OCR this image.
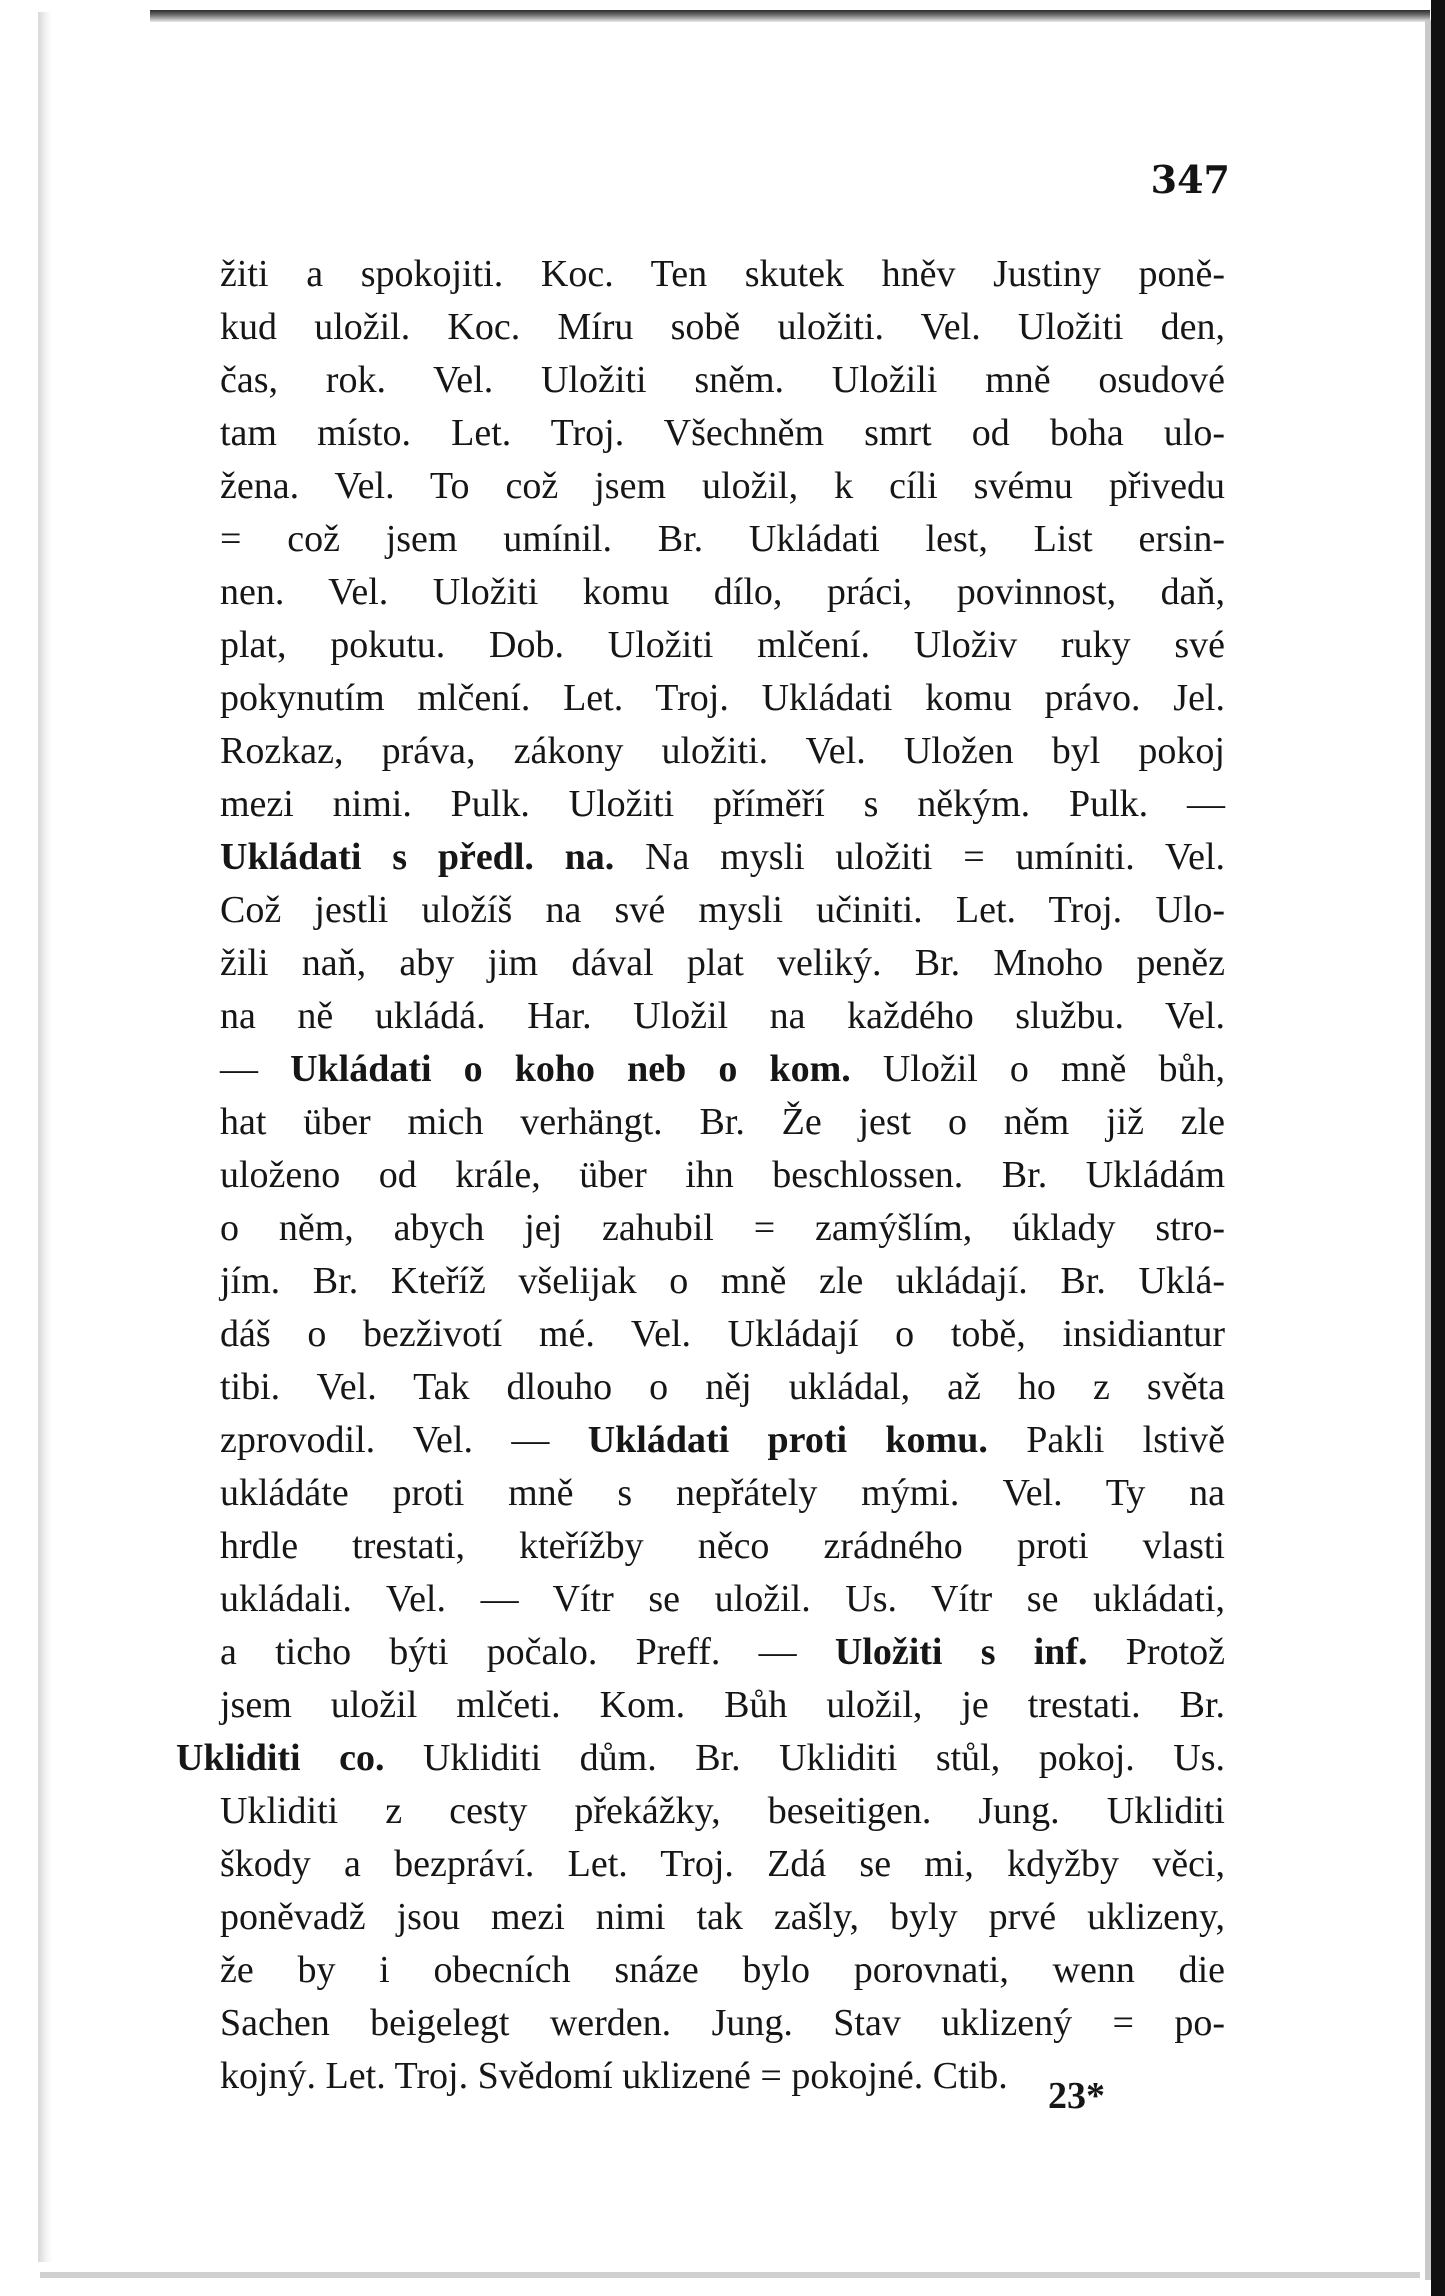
347
žiti a spokojiti. Koc. Ten skutek hněv Justiny poně-
kud uložil. Koc. Míru sobě uložiti. Vel. Uložiti den,
čas, rok. Vel. Uložiti sněm. Uložili mně osudové
tam místo. Let. Troj. Všechněm smrt od boha ulo-
žena. Vel. To což jsem uložil, k cíli svému přivedu
= což jsem umínil. Br. Ukládati lest, List ersin-
nen. Vel. Uložiti komu dílo, práci, povinnost, daň,
plat, pokutu. Dob. Uložiti mlčení. Uloživ ruky své
pokynutím mlčení. Let. Troj. Ukládati komu právo. Jel.
Rozkaz, práva, zákony uložiti. Vel. Uložen byl pokoj
mezi nimi. Pulk. Uložiti příměří s někým. Pulk. —
Ukládati s předl. na. Na mysli uložiti = umíniti. Vel.
Což jestli uložíš na své mysli učiniti. Let. Troj. Ulo-
žili naň, aby jim dával plat veliký. Br. Mnoho peněz
na ně ukládá. Har. Uložil na každého službu. Vel.
— Ukládati o koho neb o kom. Uložil o mně bůh,
hat über mich verhängt. Br. Že jest o něm již zle
uloženo od krále, über ihn beschlossen. Br. Ukládám
o něm, abych jej zahubil = zamýšlím, úklady stro-
jím. Br. Kteříž všelijak o mně zle ukládají. Br. Uklá-
dáš o bezživotí mé. Vel. Ukládají o tobě, insidiantur
tibi. Vel. Tak dlouho o něj ukládal, až ho z světa
zprovodil. Vel. — Ukládati proti komu. Pakli lstivě
ukládáte proti mně s nepřátely mými. Vel. Ty na
hrdle trestati, kteřížby něco zrádného proti vlasti
ukládali. Vel. — Vítr se uložil. Us. Vítr se ukládati,
a ticho býti počalo. Preff. — Uložiti s inf. Protož
jsem uložil mlčeti. Kom. Bůh uložil, je trestati. Br.
Ukliditi co. Ukliditi dům. Br. Ukliditi stůl, pokoj. Us.
Ukliditi z cesty překážky, beseitigen. Jung. Ukliditi
škody a bezpráví. Let. Troj. Zdá se mi, kdyžby věci,
poněvadž jsou mezi nimi tak zašly, byly prvé uklizeny,
že by i obecních snáze bylo porovnati, wenn die
Sachen beigelegt werden. Jung. Stav uklizený = po-
kojný. Let. Troj. Svědomí uklizené = pokojné. Ctib.	23*
